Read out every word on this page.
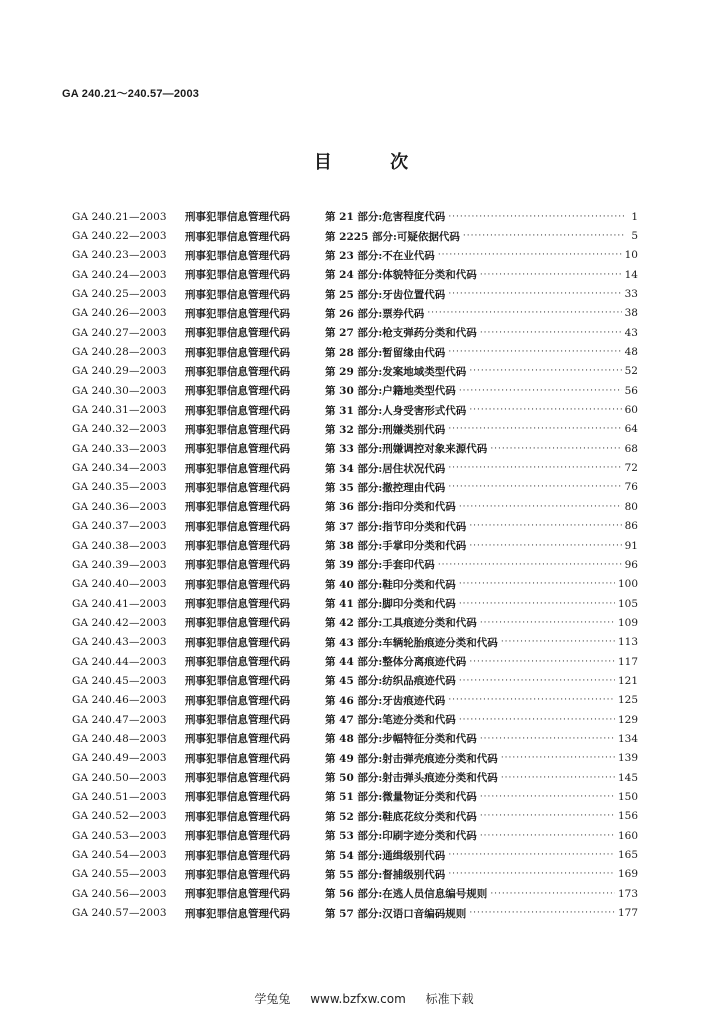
GA 240.21～240.57—2003
目 次
GA 240.21—2003	刑事犯罪信息管理代码	第 21 部分:危害程度代码 ·····	1
GA 240.22—2003	刑事犯罪信息管理代码	第 2225 部分:可疑依据代码 ·····	5
GA 240.23—2003	刑事犯罪信息管理代码	第 23 部分:不在业代码 ·····	10
GA 240.24—2003	刑事犯罪信息管理代码	第 24 部分:体貌特征分类和代码 ·····	14
GA 240.25—2003	刑事犯罪信息管理代码	第 25 部分:牙齿位置代码 ·····	33
GA 240.26—2003	刑事犯罪信息管理代码	第 26 部分:票券代码 ·····	38
GA 240.27—2003	刑事犯罪信息管理代码	第 27 部分:枪支弹药分类和代码 ·····	43
GA 240.28—2003	刑事犯罪信息管理代码	第 28 部分:暂留缘由代码 ·····	48
GA 240.29—2003	刑事犯罪信息管理代码	第 29 部分:发案地域类型代码 ·····	52
GA 240.30—2003	刑事犯罪信息管理代码	第 30 部分:户籍地类型代码 ·····	56
GA 240.31—2003	刑事犯罪信息管理代码	第 31 部分:人身受害形式代码 ·····	60
GA 240.32—2003	刑事犯罪信息管理代码	第 32 部分:刑嫌类别代码 ·····	64
GA 240.33—2003	刑事犯罪信息管理代码	第 33 部分:刑嫌调控对象来源代码 ·····	68
GA 240.34—2003	刑事犯罪信息管理代码	第 34 部分:居住状况代码 ·····	72
GA 240.35—2003	刑事犯罪信息管理代码	第 35 部分:撤控理由代码 ·····	76
GA 240.36—2003	刑事犯罪信息管理代码	第 36 部分:指印分类和代码 ·····	80
GA 240.37—2003	刑事犯罪信息管理代码	第 37 部分:指节印分类和代码 ·····	86
GA 240.38—2003	刑事犯罪信息管理代码	第 38 部分:手掌印分类和代码 ·····	91
GA 240.39—2003	刑事犯罪信息管理代码	第 39 部分:手套印代码 ·····	96
GA 240.40—2003	刑事犯罪信息管理代码	第 40 部分:鞋印分类和代码 ·····	100
GA 240.41—2003	刑事犯罪信息管理代码	第 41 部分:脚印分类和代码 ·····	105
GA 240.42—2003	刑事犯罪信息管理代码	第 42 部分:工具痕迹分类和代码 ·····	109
GA 240.43—2003	刑事犯罪信息管理代码	第 43 部分:车辆轮胎痕迹分类和代码 ·····	113
GA 240.44—2003	刑事犯罪信息管理代码	第 44 部分:整体分离痕迹代码 ·····	117
GA 240.45—2003	刑事犯罪信息管理代码	第 45 部分:纺织品痕迹代码 ·····	121
GA 240.46—2003	刑事犯罪信息管理代码	第 46 部分:牙齿痕迹代码 ·····	125
GA 240.47—2003	刑事犯罪信息管理代码	第 47 部分:笔迹分类和代码 ·····	129
GA 240.48—2003	刑事犯罪信息管理代码	第 48 部分:步幅特征分类和代码 ·····	134
GA 240.49—2003	刑事犯罪信息管理代码	第 49 部分:射击弹壳痕迹分类和代码 ·····	139
GA 240.50—2003	刑事犯罪信息管理代码	第 50 部分:射击弹头痕迹分类和代码 ·····	145
GA 240.51—2003	刑事犯罪信息管理代码	第 51 部分:微量物证分类和代码 ·····	150
GA 240.52—2003	刑事犯罪信息管理代码	第 52 部分:鞋底花纹分类和代码 ·····	156
GA 240.53—2003	刑事犯罪信息管理代码	第 53 部分:印刷字迹分类和代码 ·····	160
GA 240.54—2003	刑事犯罪信息管理代码	第 54 部分:通缉级别代码 ·····	165
GA 240.55—2003	刑事犯罪信息管理代码	第 55 部分:督捕级别代码 ·····	169
GA 240.56—2003	刑事犯罪信息管理代码	第 56 部分:在逃人员信息编号规则 ·····	173
GA 240.57—2003	刑事犯罪信息管理代码	第 57 部分:汉语口音编码规则 ·····	177
学兔兔 www.bzfxw.com 标准下载
